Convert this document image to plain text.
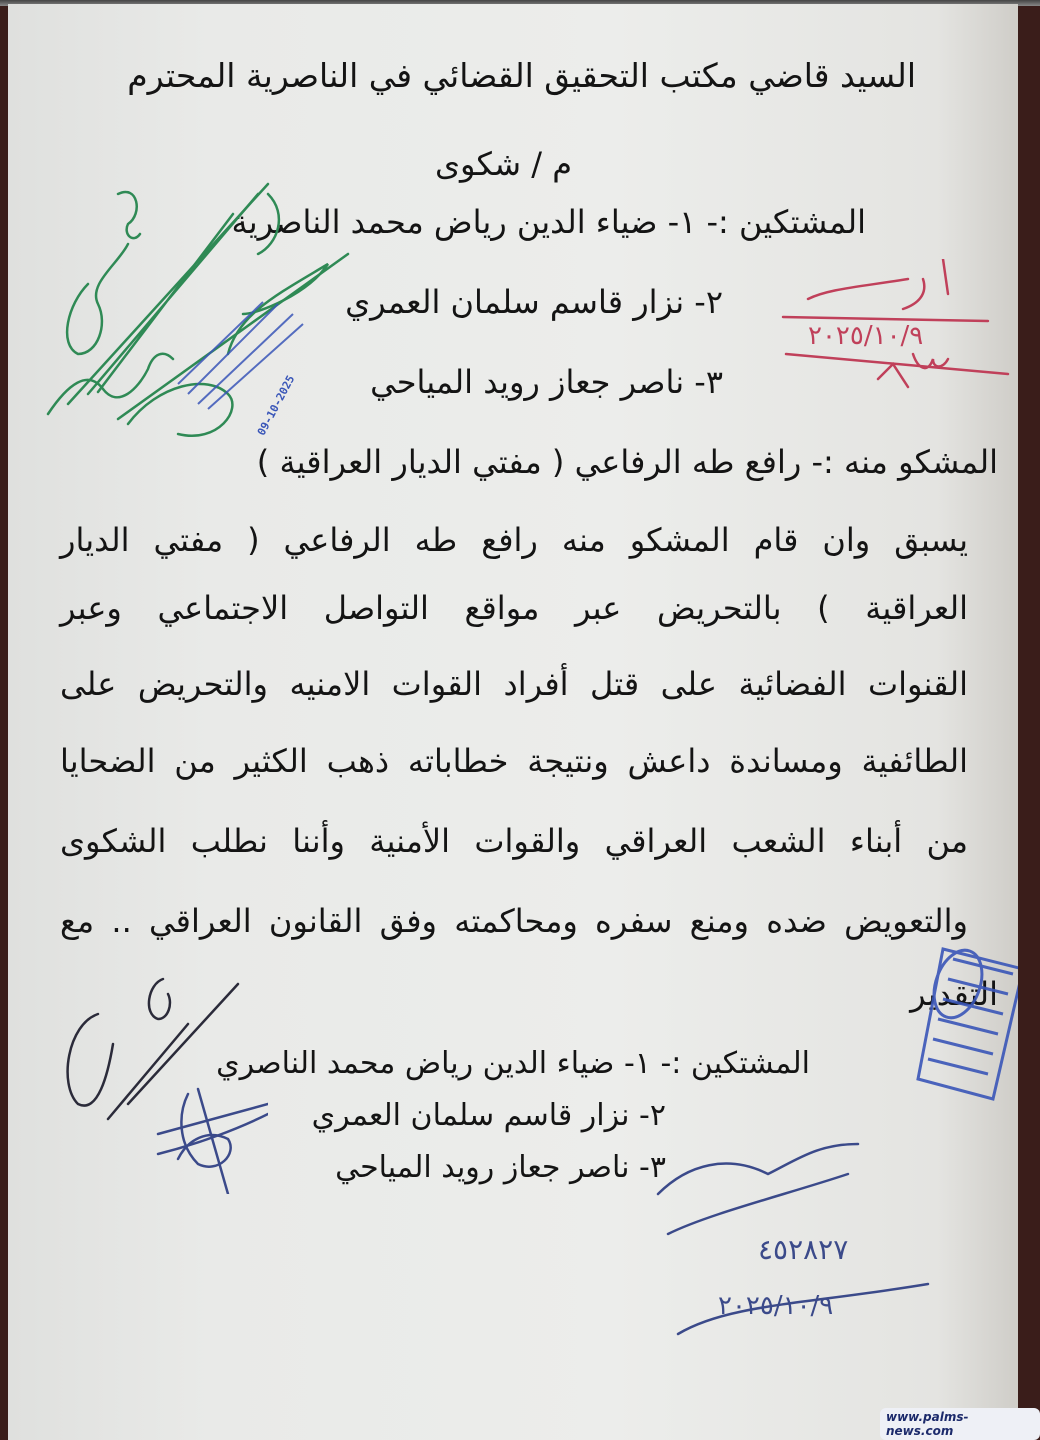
السيد قاضي مكتب التحقيق القضائي في الناصرية المحترم
م / شكوى
المشتكين :- ١- ضياء الدين رياض محمد الناصرية
٢- نزار قاسم سلمان العمري
٣- ناصر جعاز رويد المياحي
المشكو منه :- رافع طه الرفاعي ( مفتي الديار العراقية )
يسبق وان قام المشكو منه رافع طه الرفاعي ( مفتي الديار
العراقية ) بالتحريض عبر مواقع التواصل الاجتماعي وعبر
القنوات الفضائية على قتل أفراد القوات الامنيه والتحريض على
الطائفية ومساندة داعش ونتيجة خطاباته ذهب الكثير من الضحايا
من أبناء الشعب العراقي والقوات الأمنية وأننا نطلب الشكوى
والتعويض ضده ومنع سفره ومحاكمته وفق القانون العراقي .. مع
التقدير
المشتكين :- ١- ضياء الدين رياض محمد الناصري
٢- نزار قاسم سلمان العمري
٣- ناصر جعاز رويد المياحي
09-10-2025
٢٠٢٥/١٠/٩
٤٥٢٨٢٧
٢٠٢٥/١٠/٩
www.palms-news.com
